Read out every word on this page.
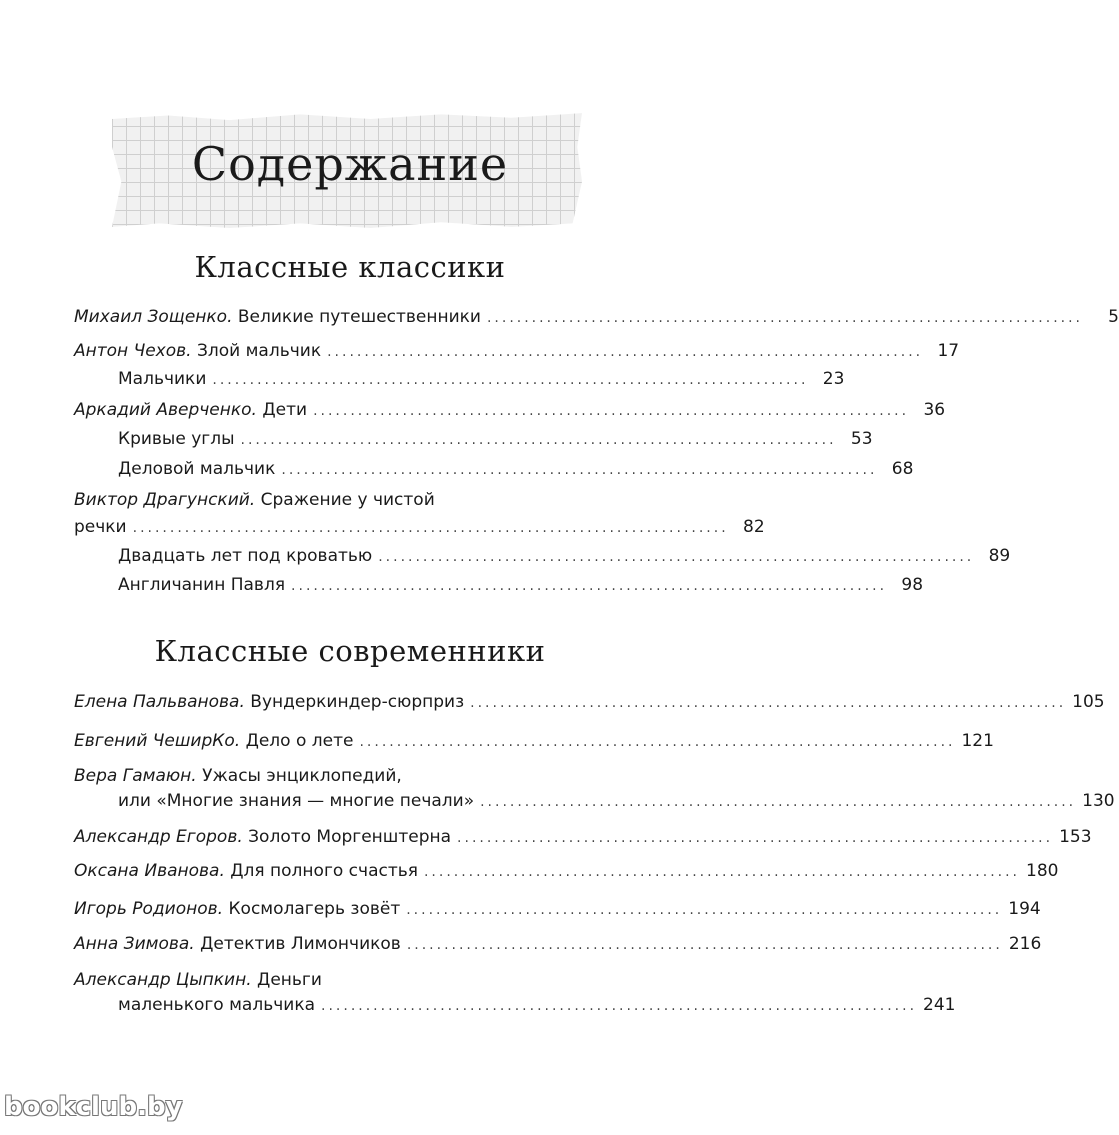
Содержание
Классные классики
Михаил Зощенко.
Великие путешественники ................................................................................	5
Антон Чехов.
Злой мальчик ................................................................................ 17
Мальчики ................................................................................ 23
Аркадий Аверченко.
Дети ................................................................................ 36
Кривые углы ................................................................................ 53
Деловой мальчик ................................................................................ 68
Виктор Драгунский.
Сражение у чистой
речки ................................................................................ 82
Двадцать лет под кроватью ................................................................................ 89
Англичанин Павля ................................................................................ 98
Классные современники
Елена Пальванова.
Вундеркиндер-сюрприз ................................................................................ 105
Евгений ЧеширКо.
Дело о лете ................................................................................ 121
Вера Гамаюн.
Ужасы энциклопедий,
или «Многие знания — многие печали» ................................................................................ 130
Александр Егоров.
Золото Моргенштерна ................................................................................ 153
Оксана Иванова.
Для полного счастья ................................................................................ 180
Игорь Родионов.
Космолагерь зовёт ................................................................................ 194
Анна Зимова.
Детектив Лимончиков ................................................................................ 216
Александр Цыпкин.
Деньги
маленького мальчика ................................................................................ 241
bookclub.by
